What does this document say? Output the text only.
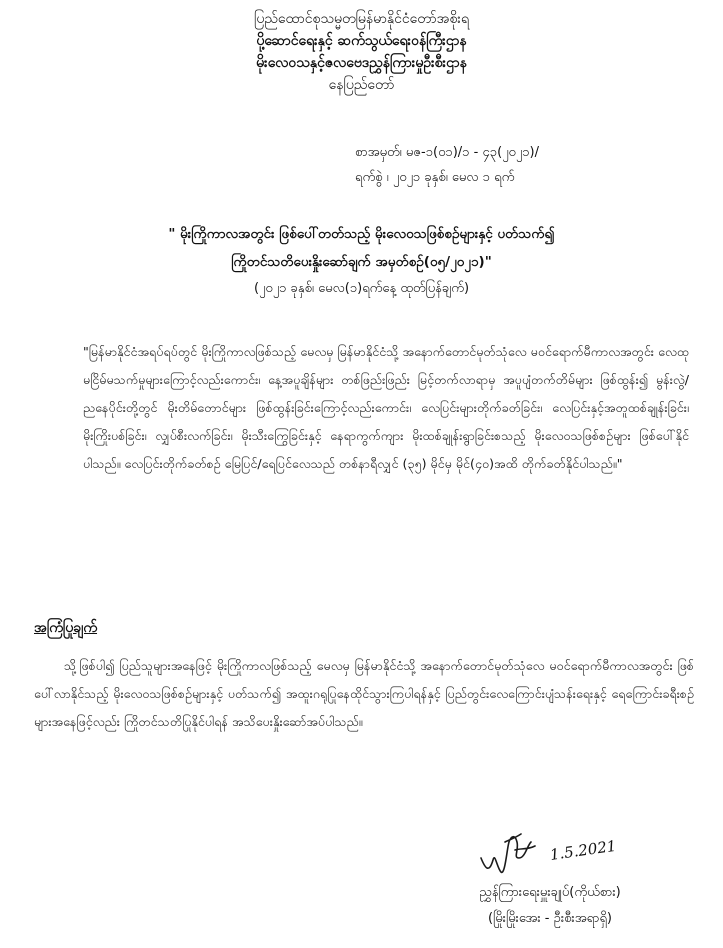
ပြည်ထောင်စုသမ္မတမြန်မာနိုင်ငံတော်အစိုးရ
ပို့ဆောင်ရေးနှင့် ဆက်သွယ်ရေးဝန်ကြီးဌာန
မိုးလေဝသနှင့်ဇလဗေဒညွှန်ကြားမှုဦးစီးဌာန
နေပြည်တော်
စာအမှတ်၊ မဇ-၁(၀၁)/၁ - ၄၃(၂၀၂၁)/
ရက်စွဲ ၊ ၂၀၂၁ ခုနှစ်၊ မေလ ၁ ရက်
" မိုးကြိုကာလအတွင်း ဖြစ်ပေါ်တတ်သည့် မိုးလေဝသဖြစ်စဉ်များနှင့် ပတ်သက်၍
ကြိုတင်သတိပေးနှိုးဆော်ချက် အမှတ်စဉ်(၀၅/၂၀၂၁)"
(၂၀၂၁ ခုနှစ်၊ မေလ(၁)ရက်နေ့ ထုတ်ပြန်ချက်)
"မြန်မာနိုင်ငံအရပ်ရပ်တွင် မိုးကြိုကာလဖြစ်သည့် မေလမှ မြန်မာနိုင်ငံသို့ အနောက်တောင်မုတ်သုံလေ မဝင်ရောက်မီကာလအတွင်း လေထုမငြိမ်မသက်မှုများကြောင့်လည်းကောင်း၊ နေ့အပူချိန်များ တစ်ဖြည်းဖြည်း မြင့်တက်လာရာမှ အပူပျံတက်တိမ်များ ဖြစ်ထွန်း၍ မွန်းလွဲ/ညနေပိုင်းတို့တွင် မိုးတိမ်တောင်များ ဖြစ်ထွန်းခြင်းကြောင့်လည်းကောင်း၊ လေပြင်းများတိုက်ခတ်ခြင်း၊ လေပြင်းနှင့်အတူထစ်ချုန်းခြင်း၊ မိုးကြိုးပစ်ခြင်း၊ လျှပ်စီးလက်ခြင်း၊ မိုးသီးကြွေခြင်းနှင့် နေရာကွက်ကျား မိုးထစ်ချုန်းရွာခြင်းစသည့် မိုးလေဝသဖြစ်စဉ်များ ဖြစ်ပေါ်နိုင်ပါသည်။ လေပြင်းတိုက်ခတ်စဉ် မြေပြင်/ရေပြင်လေသည် တစ်နာရီလျှင် (၃၅) မိုင်မှ မိုင်(၄၀)အထိ တိုက်ခတ်နိုင်ပါသည်။"
အကြံပြုချက်
သို့ဖြစ်ပါ၍ ပြည်သူများအနေဖြင့် မိုးကြိုကာလဖြစ်သည့် မေလမှ မြန်မာနိုင်ငံသို့ အနောက်တောင်မုတ်သုံလေ မဝင်ရောက်မီကာလအတွင်း ဖြစ်ပေါ်လာနိုင်သည့် မိုးလေဝသဖြစ်စဉ်များနှင့် ပတ်သက်၍ အထူးဂရုပြုနေထိုင်သွားကြပါရန်နှင့် ပြည်တွင်းလေကြောင်းပျံသန်းရေးနှင့် ရေကြောင်းခရီးစဉ်များအနေဖြင့်လည်း ကြိုတင်သတိပြုနိုင်ပါရန် အသိပေးနှိုးဆော်အပ်ပါသည်။
1.5.2021
ညွှန်ကြားရေးမှူးချုပ်(ကိုယ်စား)
(မြိုးမြိုးအေး - ဦးစီးအရာရှိ)
